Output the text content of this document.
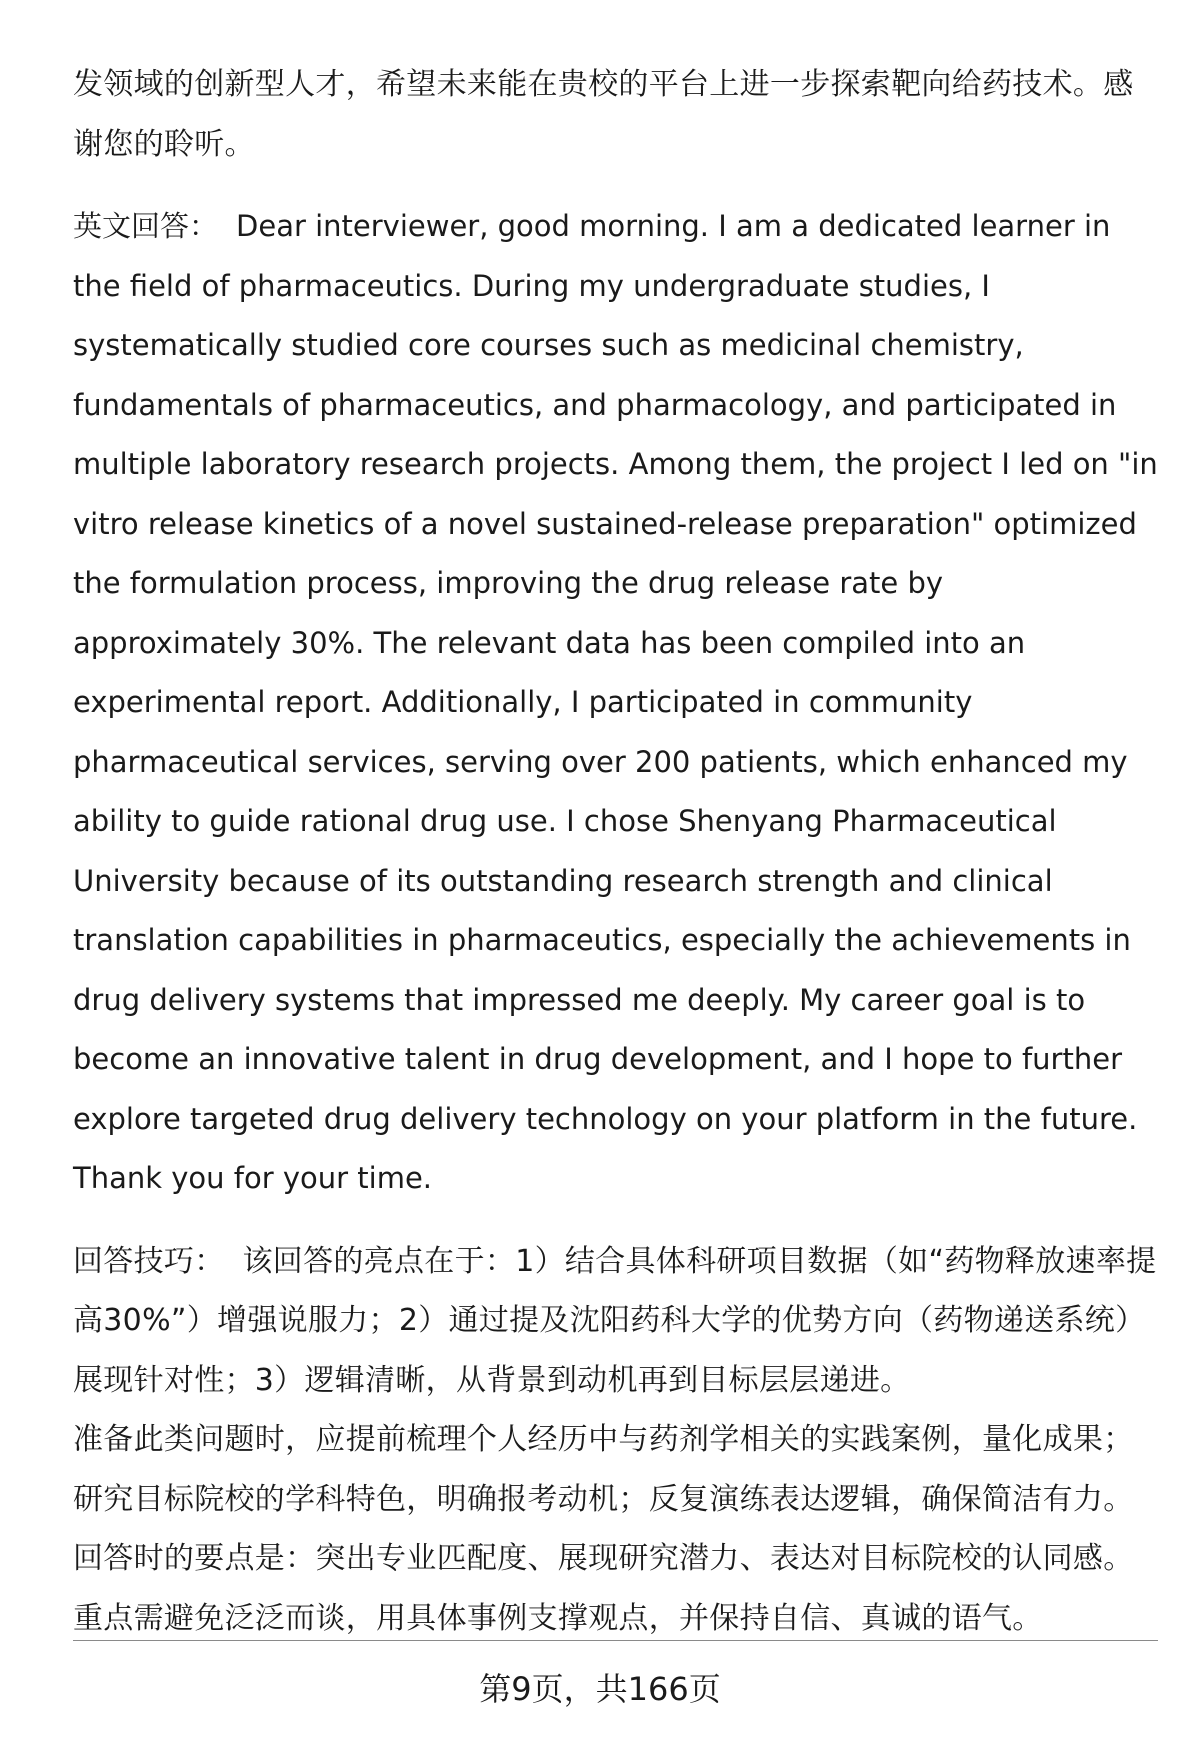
发领域的创新型人才，希望未来能在贵校的平台上进一步探索靶向给药技术。感谢您的聆听。

英文回答： Dear interviewer, good morning. I am a dedicated learner in the field of pharmaceutics. During my undergraduate studies, I systematically studied core courses such as medicinal chemistry, fundamentals of pharmaceutics, and pharmacology, and participated in multiple laboratory research projects. Among them, the project I led on "in vitro release kinetics of a novel sustained-release preparation" optimized the formulation process, improving the drug release rate by approximately 30%. The relevant data has been compiled into an experimental report. Additionally, I participated in community pharmaceutical services, serving over 200 patients, which enhanced my ability to guide rational drug use. I chose Shenyang Pharmaceutical University because of its outstanding research strength and clinical translation capabilities in pharmaceutics, especially the achievements in drug delivery systems that impressed me deeply. My career goal is to become an innovative talent in drug development, and I hope to further explore targeted drug delivery technology on your platform in the future. Thank you for your time.

回答技巧： 该回答的亮点在于：1）结合具体科研项目数据（如“药物释放速率提高30%”）增强说服力；2）通过提及沈阳药科大学的优势方向（药物递送系统）展现针对性；3）逻辑清晰，从背景到动机再到目标层层递进。

准备此类问题时，应提前梳理个人经历中与药剂学相关的实践案例，量化成果；研究目标院校的学科特色，明确报考动机；反复演练表达逻辑，确保简洁有力。回答时的要点是：突出专业匹配度、展现研究潜力、表达对目标院校的认同感。重点需避免泛泛而谈，用具体事例支撑观点，并保持自信、真诚的语气。

第9页，共166页
